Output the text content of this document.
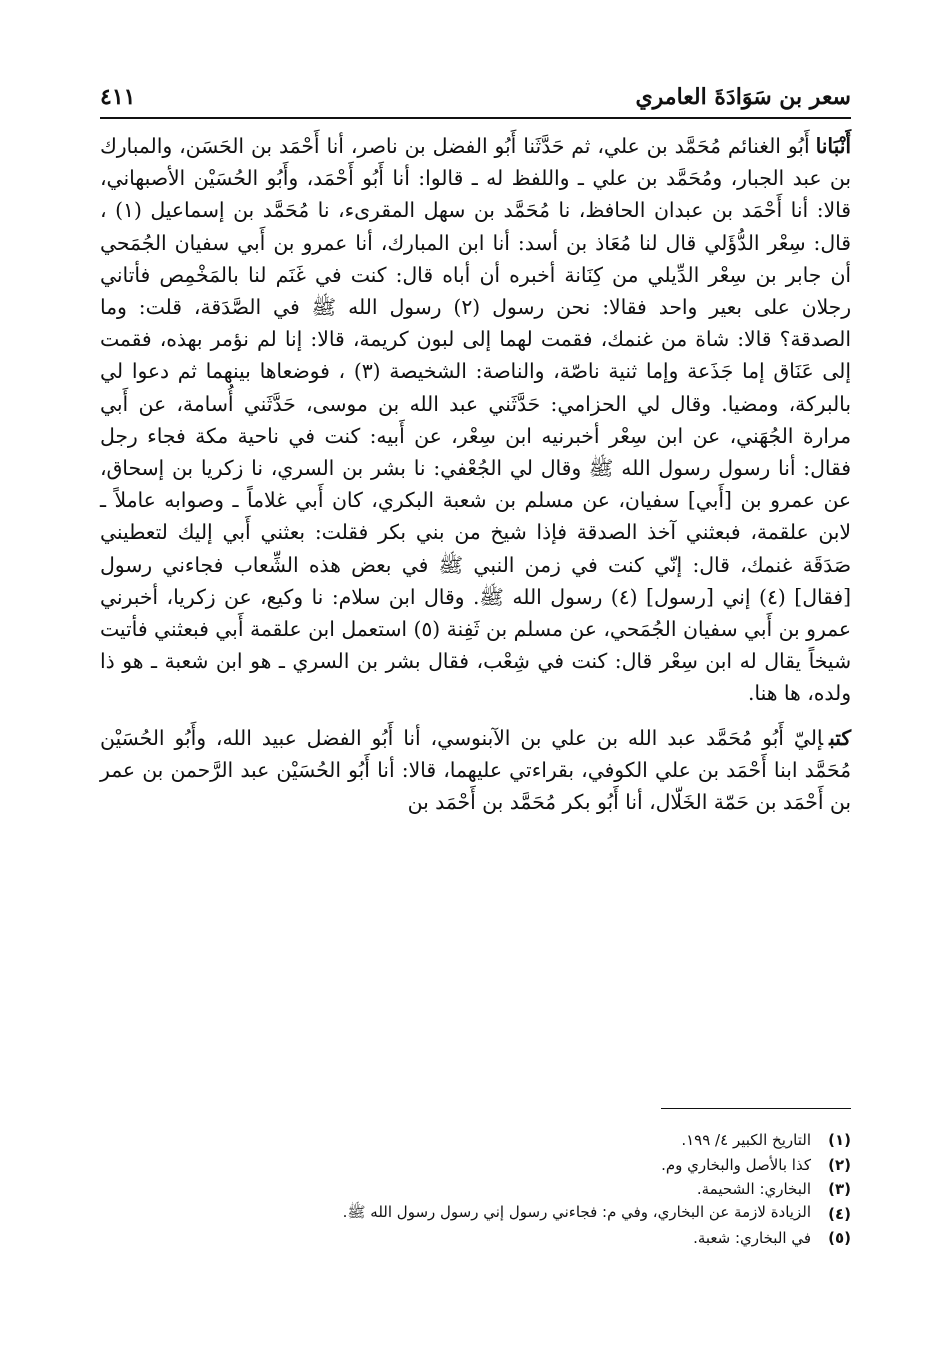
سعر بن سَوَادَةَ العامري
٤١١

أَنْبَاناأَبُو الغنائم مُحَمَّد بن علي، ثم حَدَّثَنا أَبُو الفضل بن ناصر، أنا أَحْمَد بن الحَسَن، والمبارك بن عبد الجبار، ومُحَمَّد بن علي ـ واللفظ له ـ قالوا: أنا أَبُو أَحْمَد، وأَبُو الحُسَيْن الأصبهاني، قالا: أنا أَحْمَد بن عبدان الحافظ، نا مُحَمَّد بن سهل المقرىء، نا مُحَمَّد بن إسماعيل (١) ، قال: سِعْر الدُّؤَلي قال لنا مُعَاذ بن أسد: أنا ابن المبارك، أنا عمرو بن أَبي سفيان الجُمَحي أن جابر بن سِعْر الدِّيلي من كِنَانة أخبره أن أباه قال: كنت في غَنَم لنا بالمَخْمِص فأتاني رجلان على بعير واحد فقالا: نحن رسول (٢) رسول الله ﷺ في الصَّدَقة، قلت: وما الصدقة؟ قالا: شاة من غنمك، فقمت لهما إلى لبون كريمة، قالا: إنا لم نؤمر بهذه، فقمت إلى عَنَاق إما جَذَعة وإما ثنية ناصّة، والناصة: الشخيصة (٣) ، فوضعاها بينهما ثم دعوا لي بالبركة، ومضيا. وقال لي الحزامي: حَدَّثَني عبد الله بن موسى، حَدَّثَني أُسامة، عن أَبي مرارة الجُهَني، عن ابن سِعْر أخبرنيه ابن سِعْر، عن أَبيه: كنت في ناحية مكة فجاء رجل فقال: أنا رسول رسول الله ﷺ وقال لي الجُعْفي: نا بشر بن السري، نا زكريا بن إسحاق، عن عمرو بن [أَبي] سفيان، عن مسلم بن شعبة البكري، كان أَبي غلاماً ـ وصوابه عاملاً ـ لابن علقمة، فبعثني آخذ الصدقة فإذا شيخ من بني بكر فقلت: بعثني أَبي إليك لتعطيني صَدَقَة غنمك، قال: إنّي كنت في زمن النبي ﷺ في بعض هذه الشِّعاب فجاءني رسول [فقال] (٤) إني [رسول] (٤) رسول الله ﷺ. وقال ابن سلام: نا وكيع، عن زكريا، أخبرني عمرو بن أَبي سفيان الجُمَحي، عن مسلم بن ثَفِنة (٥) استعمل ابن علقمة أَبي فبعثني فأتيت شيخاً يقال له ابن سِعْر قال: كنت في شِعْب، فقال بشر بن السري ـ هو ابن شعبة ـ هو ذا ولده، ها هنا.

كتبإليّ أَبُو مُحَمَّد عبد الله بن علي بن الآبنوسي، أنا أَبُو الفضل عبيد الله، وأَبُو الحُسَيْن مُحَمَّد ابنا أَحْمَد بن علي الكوفي، بقراءتي عليهما، قالا: أنا أَبُو الحُسَيْن عبد الرَّحمن بن عمر بن أَحْمَد بن حَمّة الخَلّال، أنا أَبُو بكر مُحَمَّد بن أَحْمَد بن

(١)
التاريخ الكبير ٤/ ١٩٩.
(٢)
كذا بالأصل والبخاري وم.
(٣)
البخاري: الشحيمة.
(٤)
الزيادة لازمة عن البخاري، وفي م: فجاءني رسول إني رسول رسول الله ﷺ.
(٥)
في البخاري: شعبة.
